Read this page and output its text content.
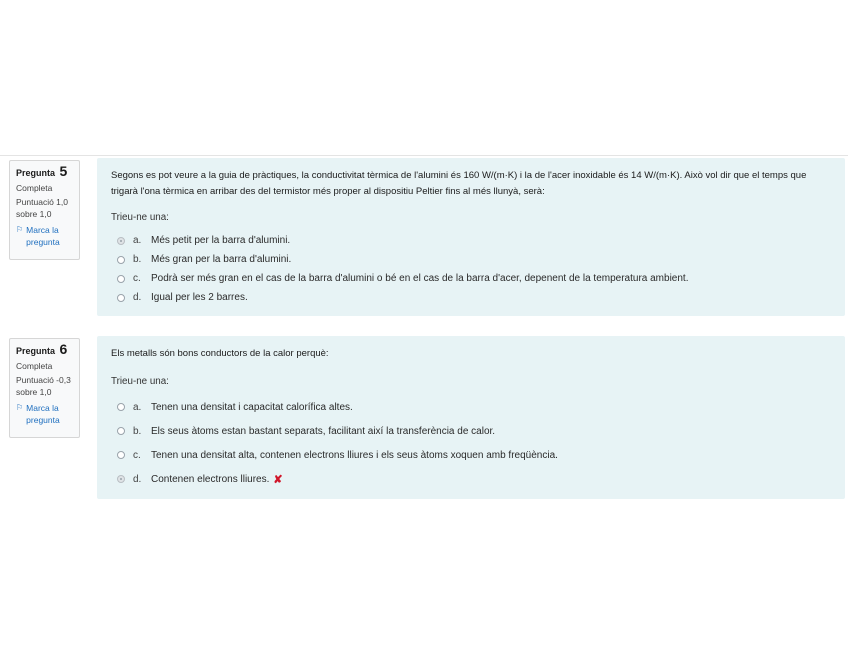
Pregunta 5
Completa
Puntuació 1,0
sobre 1,0
⚐ Marca la
pregunta
Segons es pot veure a la guia de pràctiques, la conductivitat tèrmica de l'alumini és 160 W/(m·K) i la de l'acer inoxidable és 14 W/(m·K). Això vol dir que el temps que trigarà l'ona tèrmica en arribar des del termistor més proper al dispositiu Peltier fins al més llunyà, serà:
Trieu-ne una:
a. Més petit per la barra d'alumini.
b. Més gran per la barra d'alumini.
c.	Podrà ser més gran en el cas de la barra d'alumini o bé en el cas de la barra d'acer, depenent de la temperatura ambient.
d. Igual per les 2 barres.
Pregunta 6
Completa
Puntuació -0,3
sobre 1,0
⚐ Marca la
pregunta
Els metalls són bons conductors de la calor perquè:
Trieu-ne una:
a. Tenen una densitat i capacitat calorífica altes.
b. Els seus àtoms estan bastant separats, facilitant així la transferència de calor.
c.	Tenen una densitat alta, contenen electrons lliures i els seus àtoms xoquen amb freqüència.
d. Contenen electrons lliures. ✘
